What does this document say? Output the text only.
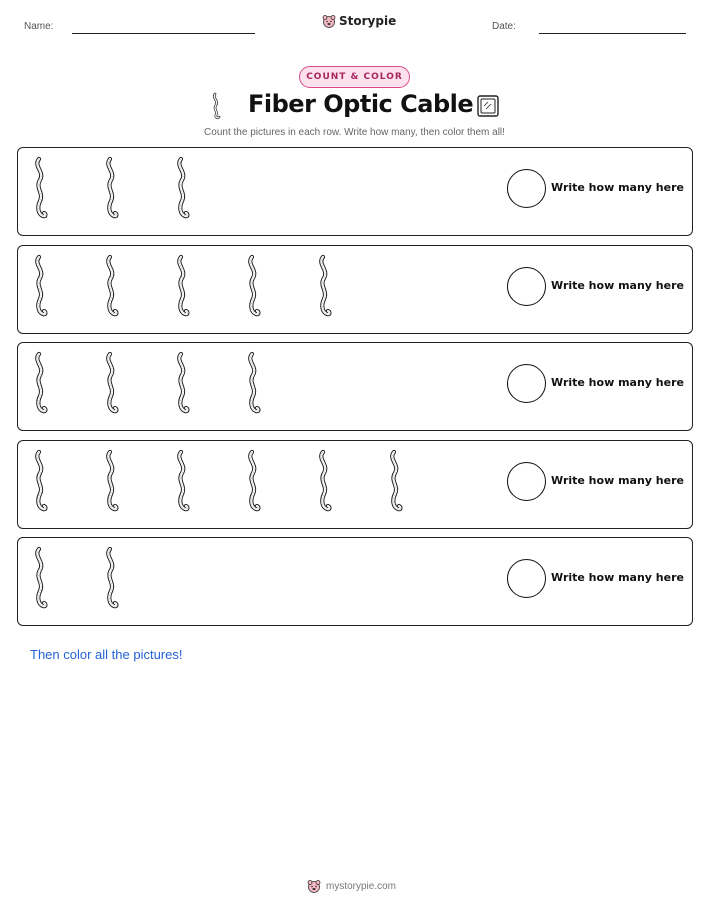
Name:	Storypie	Date:
COUNT & COLOR
Fiber Optic Cable
Count the pictures in each row. Write how many, then color them all!
Write how many here
Write how many here
Write how many here
Write how many here
Write how many here
Then color all the pictures!
mystorypie.com
